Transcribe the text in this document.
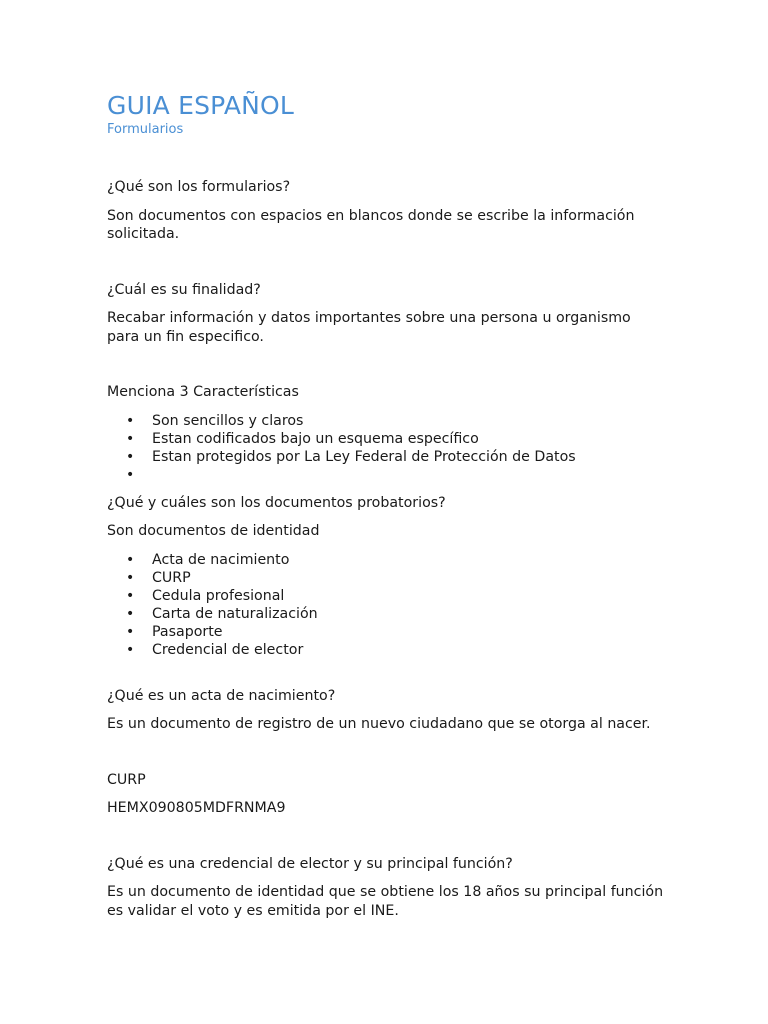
GUIA ESPAÑOL

Formularios

¿Qué son los formularios?

Son documentos con espacios en blancos donde se escribe la información solicitada.

¿Cuál es su finalidad?

Recabar información y datos importantes sobre una persona u organismo para un fin especifico.

Menciona 3 Características

• Son sencillos y claros
• Estan codificados bajo un esquema específico
• Estan protegidos por La Ley Federal de Protección de Datos
•

¿Qué y cuáles son los documentos probatorios?

Son documentos de identidad

• Acta de nacimiento
• CURP
• Cedula profesional
• Carta de naturalización
• Pasaporte
• Credencial de elector

¿Qué es un acta de nacimiento?

Es un documento de registro de un nuevo ciudadano que se otorga al nacer.

CURP

HEMX090805MDFRNMA9

¿Qué es una credencial de elector y su principal función?

Es un documento de identidad que se obtiene los 18 años su principal función es validar el voto y es emitida por el INE.
